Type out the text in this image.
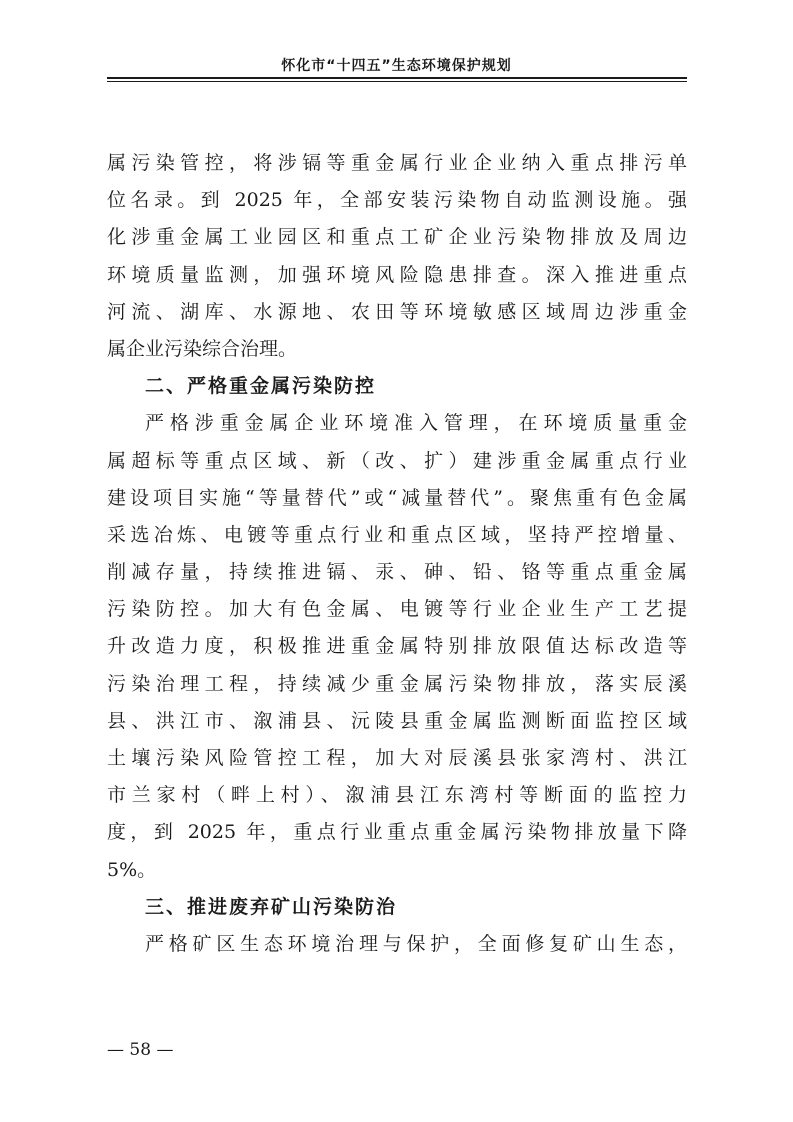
怀化市“十四五”生态环境保护规划
属污染管控，将涉镉等重金属行业企业纳入重点排污单
位名录。到 2025 年，全部安装污染物自动监测设施。强
化涉重金属工业园区和重点工矿企业污染物排放及周边
环境质量监测，加强环境风险隐患排查。深入推进重点
河流、湖库、水源地、农田等环境敏感区域周边涉重金
属企业污染综合治理。
二、严格重金属污染防控
严格涉重金属企业环境准入管理，在环境质量重金
属超标等重点区域、新（改、扩）建涉重金属重点行业
建设项目实施“等量替代”或“减量替代”。聚焦重有色金属
采选冶炼、电镀等重点行业和重点区域，坚持严控增量、
削减存量，持续推进镉、汞、砷、铅、铬等重点重金属
污染防控。加大有色金属、电镀等行业企业生产工艺提
升改造力度，积极推进重金属特别排放限值达标改造等
污染治理工程，持续减少重金属污染物排放，落实辰溪
县、洪江市、溆浦县、沅陵县重金属监测断面监控区域
土壤污染风险管控工程，加大对辰溪县张家湾村、洪江
市兰家村（畔上村）、溆浦县江东湾村等断面的监控力
度，到 2025 年，重点行业重点重金属污染物排放量下降
5%。
三、推进废弃矿山污染防治
严格矿区生态环境治理与保护，全面修复矿山生态，
— 58 —
